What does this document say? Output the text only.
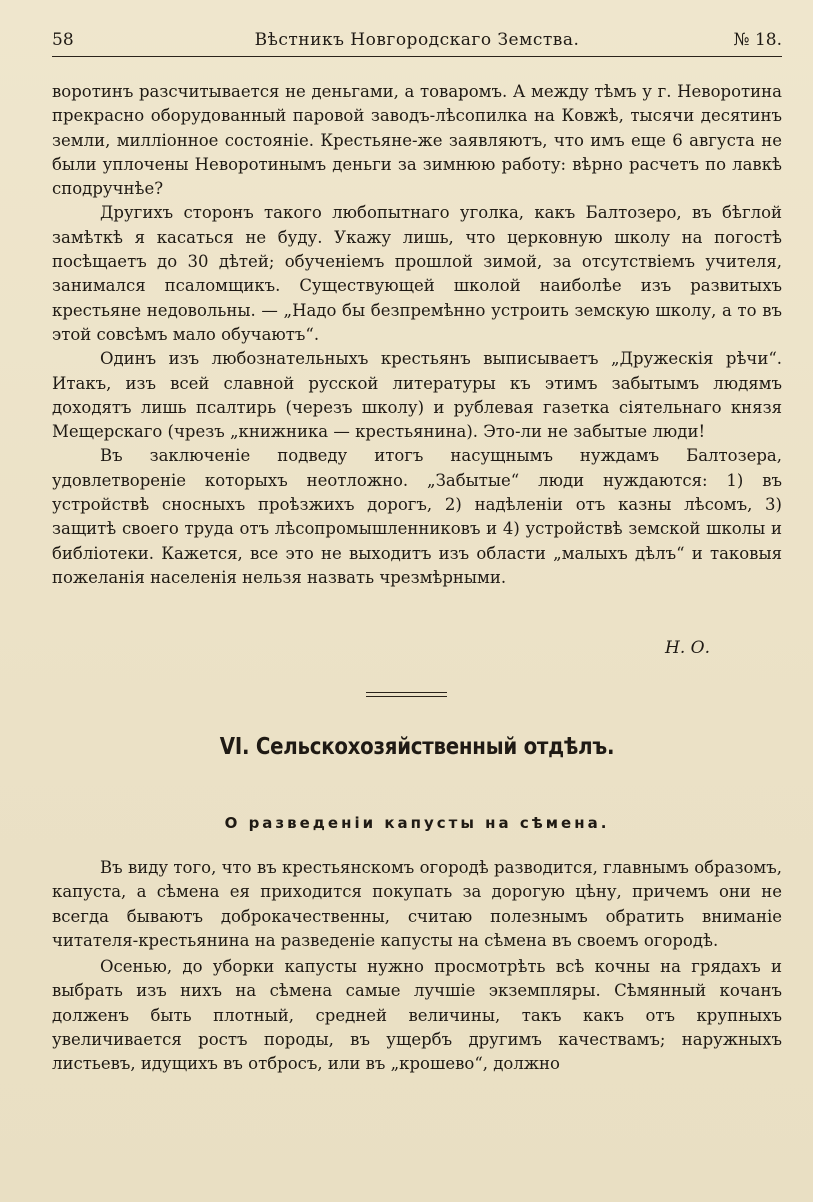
58	Вѣстникъ Новгородскаго Земства.	№ 18.

воротинъ разсчитывается не деньгами, а товаромъ. А между тѣмъ у г. Неворотина прекрасно оборудованный паровой заводъ-лѣсопилка на Ковжѣ, тысячи десятинъ земли, милліонное состояніе. Крестьяне-же заявляютъ, что имъ еще 6 августа не были уплочены Неворотинымъ деньги за зимнюю работу: вѣрно расчетъ по лавкѣ сподручнѣе?

Другихъ сторонъ такого любопытнаго уголка, какъ Балтозеро, въ бѣглой замѣткѣ я касаться не буду. Укажу лишь, что церковную школу на погостѣ посѣщаетъ до 30 дѣтей; обученіемъ прошлой зимой, за отсутствіемъ учителя, занимался псаломщикъ. Существующей школой наиболѣе изъ развитыхъ крестьяне недовольны. — „Надо бы безпремѣнно устроить земскую школу, а то въ этой совсѣмъ мало обучаютъ“.

Одинъ изъ любознательныхъ крестьянъ выписываетъ „Дружескія рѣчи“. Итакъ, изъ всей славной русской литературы къ этимъ забытымъ людямъ доходятъ лишь псалтирь (черезъ школу) и рублевая газетка сіятельнаго князя Мещерскаго (чрезъ „книжника — крестьянина). Это-ли не забытые люди!

Въ заключеніе подведу итогъ насущнымъ нуждамъ Балтозера, удовлетвореніе которыхъ неотложно. „Забытые“ люди нуждаются: 1) въ устройствѣ сносныхъ проѣзжихъ дорогъ, 2) надѣленіи отъ казны лѣсомъ, 3) защитѣ своего труда отъ лѣсопромышленниковъ и 4) устройствѣ земской школы и библіотеки. Кажется, все это не выходитъ изъ области „малыхъ дѣлъ“ и таковыя пожеланія населенія нельзя назвать чрезмѣрными.

Н. О.
VI. Сельскохозяйственный отдѣлъ.
О разведеніи капусты на сѣмена.

Въ виду того, что въ крестьянскомъ огородѣ разводится, главнымъ образомъ, капуста, а сѣмена ея приходится покупать за дорогую цѣну, причемъ они не всегда бываютъ доброкачественны, считаю полезнымъ обратить вниманіе читателя-крестьянина на разведеніе капусты на сѣмена въ своемъ огородѣ.

Осенью, до уборки капусты нужно просмотрѣть всѣ кочны на грядахъ и выбрать изъ нихъ на сѣмена самые лучшіе экземпляры. Сѣмянный кочанъ долженъ быть плотный, средней величины, такъ какъ отъ крупныхъ увеличивается ростъ породы, въ ущербъ другимъ качествамъ; наружныхъ листьевъ, идущихъ въ отбросъ, или въ „крошево“, должно
